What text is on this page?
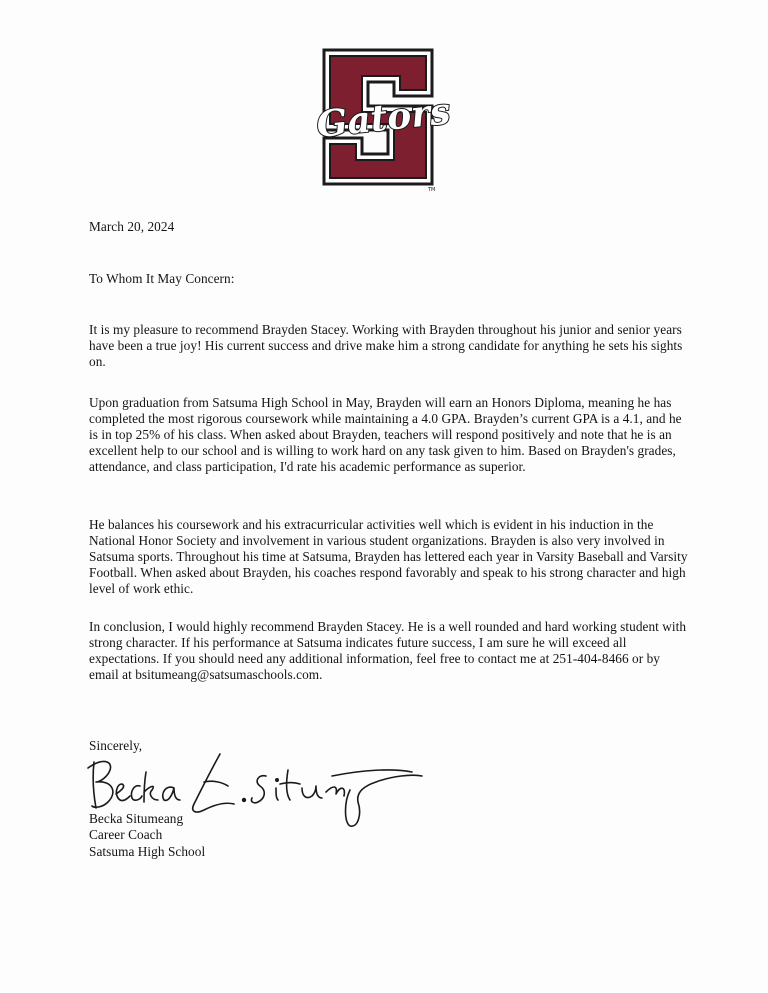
Gators
TM

March 20, 2024

To Whom It May Concern:

It is my pleasure to recommend Brayden Stacey. Working with Brayden throughout his junior and senior years have been a true joy! His current success and drive make him a strong candidate for anything he sets his sights on.

Upon graduation from Satsuma High School in May, Brayden will earn an Honors Diploma, meaning he has completed the most rigorous coursework while maintaining a 4.0 GPA. Brayden’s current GPA is a 4.1, and he is in top 25% of his class. When asked about Brayden, teachers will respond positively and note that he is an excellent help to our school and is willing to work hard on any task given to him. Based on Brayden's grades, attendance, and class participation, I'd rate his academic performance as superior.

He balances his coursework and his extracurricular activities well which is evident in his induction in the National Honor Society and involvement in various student organizations. Brayden is also very involved in Satsuma sports. Throughout his time at Satsuma, Brayden has lettered each year in Varsity Baseball and Varsity Football. When asked about Brayden, his coaches respond favorably and speak to his strong character and high level of work ethic.

In conclusion, I would highly recommend Brayden Stacey. He is a well rounded and hard working student with strong character. If his performance at Satsuma indicates future success, I am sure he will exceed all expectations. If you should need any additional information, feel free to contact me at 251-404-8466 or by email at bsitumeang@satsumaschools.com.

Sincerely,

Becka L. Situmeang

Becka Situmeang

Career Coach

Satsuma High School
